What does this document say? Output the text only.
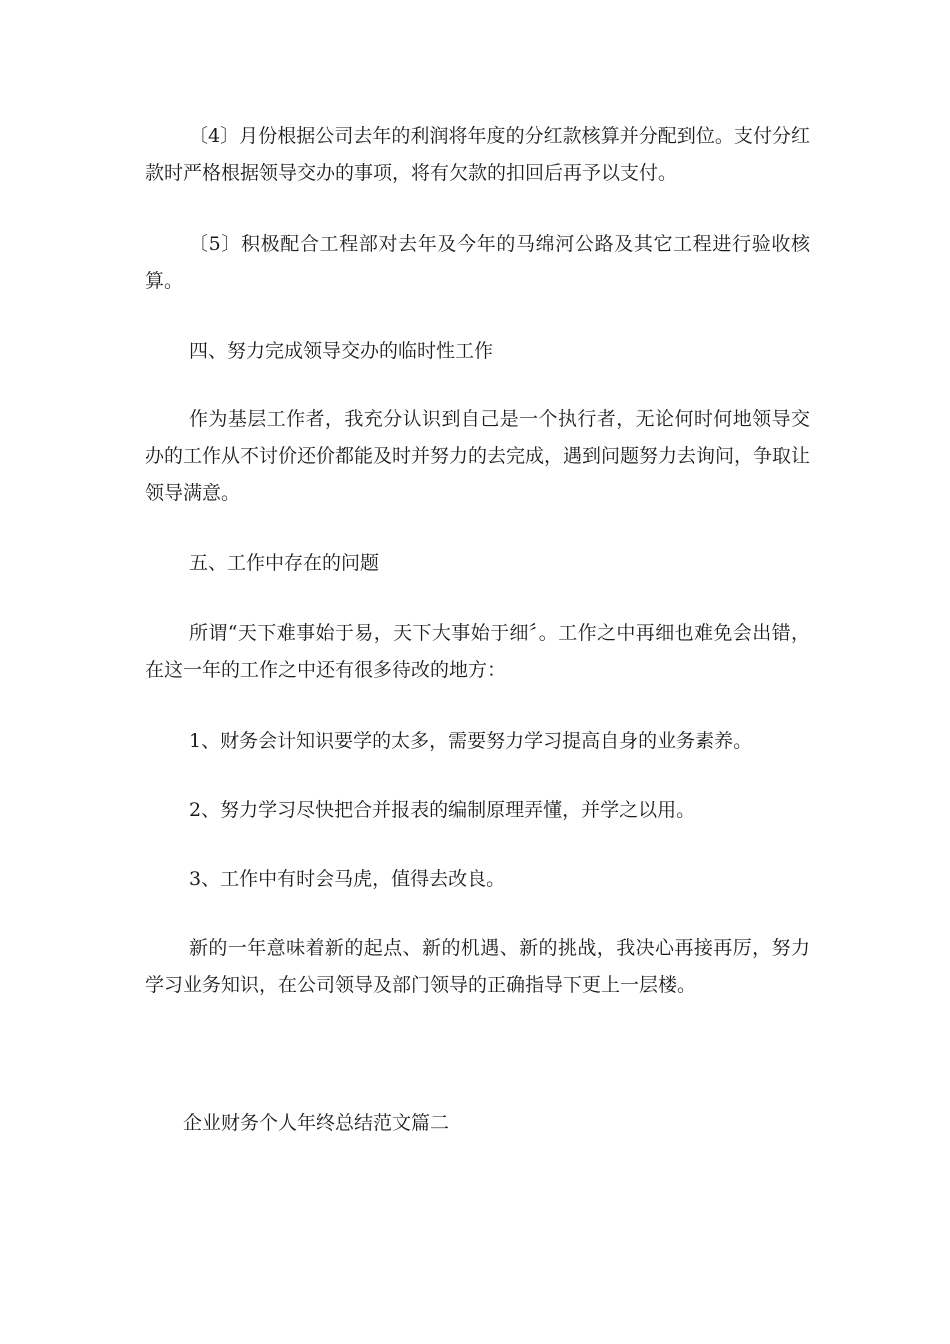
〔4〕月份根据公司去年的利润将年度的分红款核算并分配到位。支付分红款时严格根据领导交办的事项，将有欠款的扣回后再予以支付。

〔5〕积极配合工程部对去年及今年的马绵河公路及其它工程进行验收核算。

四、努力完成领导交办的临时性工作

作为基层工作者，我充分认识到自己是一个执行者，无论何时何地领导交办的工作从不讨价还价都能及时并努力的去完成，遇到问题努力去询问，争取让领导满意。

五、工作中存在的问题

所谓“天下难事始于易，天下大事始于细〞。工作之中再细也难免会出错，在这一年的工作之中还有很多待改的地方：

1、财务会计知识要学的太多，需要努力学习提高自身的业务素养。

2、努力学习尽快把合并报表的编制原理弄懂，并学之以用。

3、工作中有时会马虎，值得去改良。

新的一年意味着新的起点、新的机遇、新的挑战，我决心再接再厉，努力学习业务知识，在公司领导及部门领导的正确指导下更上一层楼。

企业财务个人年终总结范文篇二
